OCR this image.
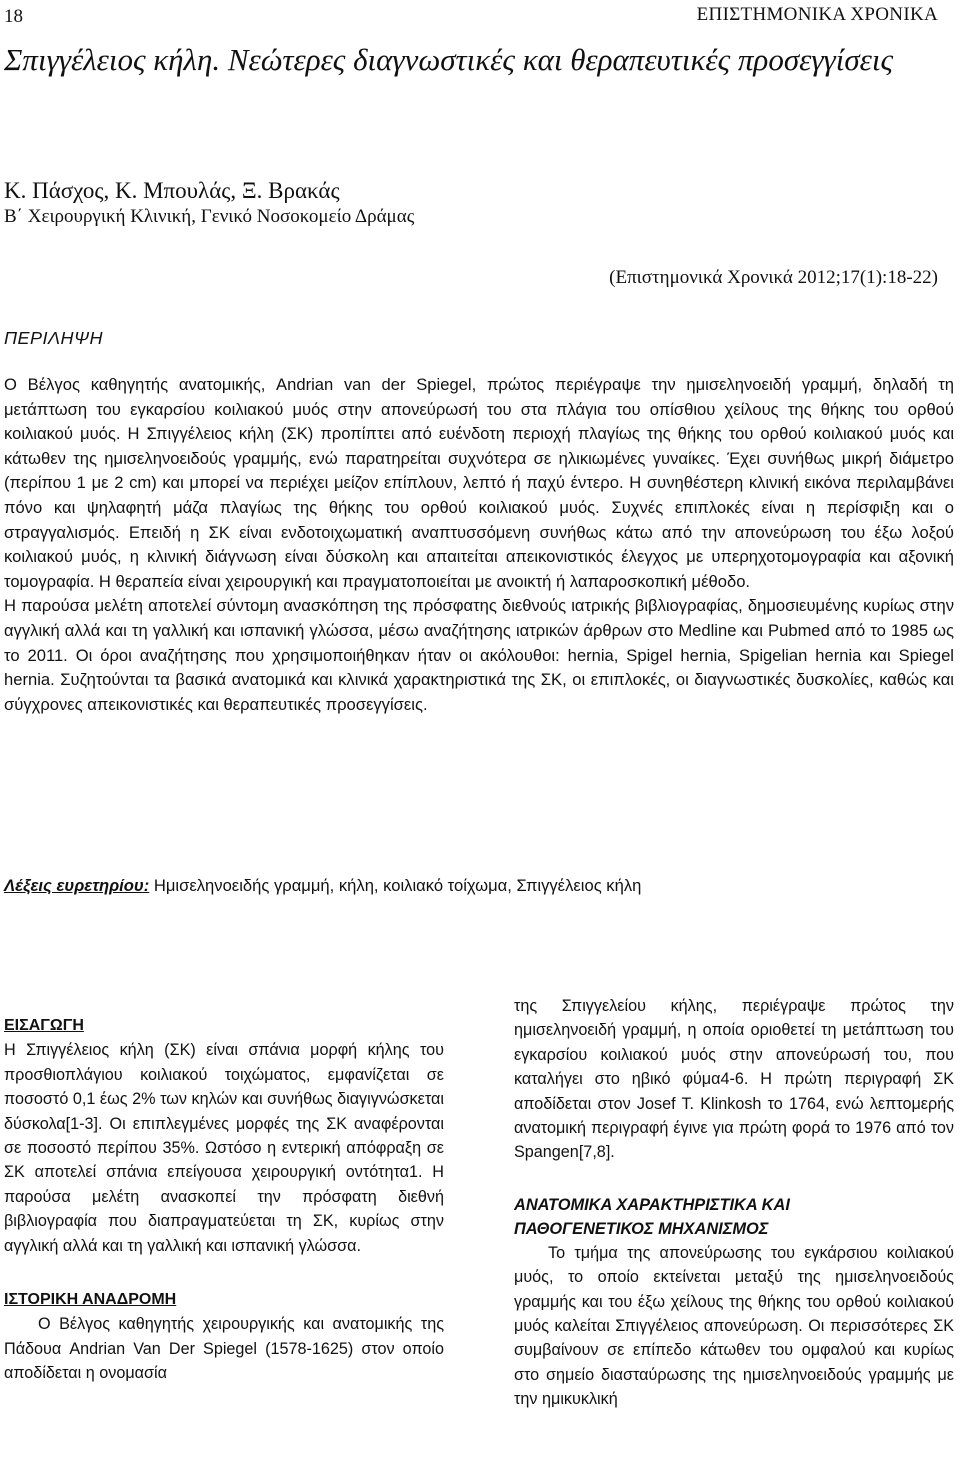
18	ΕΠΙΣΤΗΜΟΝΙΚΑ ΧΡΟΝΙΚΑ
Σπιγγέλειος κήλη. Νεώτερες διαγνωστικές και θεραπευτικές προσεγγίσεις
Κ. Πάσχος, Κ. Μπουλάς, Ξ. Βρακάς
Β΄ Χειρουργική Κλινική, Γενικό Νοσοκομείο Δράμας
(Επιστημονικά Χρονικά 2012;17(1):18-22)
ΠΕΡΙΛΗΨΗ

Ο Βέλγος καθηγητής ανατομικής, Andrian van der Spiegel, πρώτος περιέγραψε την ημισεληνοειδή γραμμή, δηλαδή τη μετάπτωση του εγκαρσίου κοιλιακού μυός στην απονεύρωσή του στα πλάγια του οπίσθιου χείλους της θήκης του ορθού κοιλιακού μυός. Η Σπιγγέλειος κήλη (ΣΚ) προπίπτει από ευένδοτη περιοχή πλαγίως της θήκης του ορθού κοιλιακού μυός και κάτωθεν της ημισεληνοειδούς γραμμής, ενώ παρατηρείται συχνότερα σε ηλικιωμένες γυναίκες. Έχει συνήθως μικρή διάμετρο (περίπου 1 με 2 cm) και μπορεί να περιέχει μείζον επίπλουν, λεπτό ή παχύ έντερο. Η συνηθέστερη κλινική εικόνα περιλαμβάνει πόνο και ψηλαφητή μάζα πλαγίως της θήκης του ορθού κοιλιακού μυός. Συχνές επιπλοκές είναι η περίσφιξη και ο στραγγαλισμός. Επειδή η ΣΚ είναι ενδοτοιχωματική αναπτυσσόμενη συνήθως κάτω από την απονεύρωση του έξω λοξού κοιλιακού μυός, η κλινική διάγνωση είναι δύσκολη και απαιτείται απεικονιστικός έλεγχος με υπερηχοτομογραφία και αξονική τομογραφία. Η θεραπεία είναι χειρουργική και πραγματοποιείται με ανοικτή ή λαπαροσκοπική μέθοδο.

Η παρούσα μελέτη αποτελεί σύντομη ανασκόπηση της πρόσφατης διεθνούς ιατρικής βιβλιογραφίας, δημοσιευμένης κυρίως στην αγγλική αλλά και τη γαλλική και ισπανική γλώσσα, μέσω αναζήτησης ιατρικών άρθρων στο Medline και Pubmed από το 1985 ως το 2011. Οι όροι αναζήτησης που χρησιμοποιήθηκαν ήταν οι ακόλουθοι: hernia, Spigel hernia, Spigelian hernia και Spiegel hernia. Συζητούνται τα βασικά ανατομικά και κλινικά χαρακτηριστικά της ΣΚ, οι επιπλοκές, οι διαγνωστικές δυσκολίες, καθώς και σύγχρονες απεικονιστικές και θεραπευτικές προσεγγίσεις.

Λέξεις ευρετηρίου: Ημισεληνοειδής γραμμή, κήλη, κοιλιακό τοίχωμα, Σπιγγέλειος κήλη

ΕΙΣΑΓΩΓΗ

Η Σπιγγέλειος κήλη (ΣΚ) είναι σπάνια μορφή κήλης του προσθιοπλάγιου κοιλιακού τοιχώματος, εμφανίζεται σε ποσοστό 0,1 έως 2% των κηλών και συνήθως διαγιγνώσκεται δύσκολα[1-3]. Οι επιπλεγμένες μορφές της ΣΚ αναφέρονται σε ποσοστό περίπου 35%. Ωστόσο η εντερική απόφραξη σε ΣΚ αποτελεί σπάνια επείγουσα χειρουργική οντότητα1. Η παρούσα μελέτη ανασκοπεί την πρόσφατη διεθνή βιβλιογραφία που διαπραγματεύεται τη ΣΚ, κυρίως στην αγγλική αλλά και τη γαλλική και ισπανική γλώσσα.

ΙΣΤΟΡΙΚΗ ΑΝΑΔΡΟΜΗ

Ο Βέλγος καθηγητής χειρουργικής και ανατομικής της Πάδουα Andrian Van Der Spiegel (1578-1625) στον οποίο αποδίδεται η ονομασία

της Σπιγγελείου κήλης, περιέγραψε πρώτος την ημισεληνοειδή γραμμή, η οποία οριοθετεί τη μετάπτωση του εγκαρσίου κοιλιακού μυός στην απονεύρωσή του, που καταλήγει στο ηβικό φύμα4-6. Η πρώτη περιγραφή ΣΚ αποδίδεται στον Josef T. Klinkosh το 1764, ενώ λεπτομερής ανατομική περιγραφή έγινε για πρώτη φορά το 1976 από τον Spangen[7,8].

ΑΝΑΤΟΜΙΚΑ ΧΑΡΑΚΤΗΡΙΣΤΙΚΑ ΚΑΙ

ΠΑΘΟΓΕΝΕΤΙΚΟΣ ΜΗΧΑΝΙΣΜΟΣ

Το τμήμα της απονεύρωσης του εγκάρσιου κοιλιακού μυός, το οποίο εκτείνεται μεταξύ της ημισεληνοειδούς γραμμής και του έξω χείλους της θήκης του ορθού κοιλιακού μυός καλείται Σπιγγέλειος απονεύρωση. Οι περισσότερες ΣΚ συμβαίνουν σε επίπεδο κάτωθεν του ομφαλού και κυρίως στο σημείο διασταύρωσης της ημισεληνοειδούς γραμμής με την ημικυκλική
